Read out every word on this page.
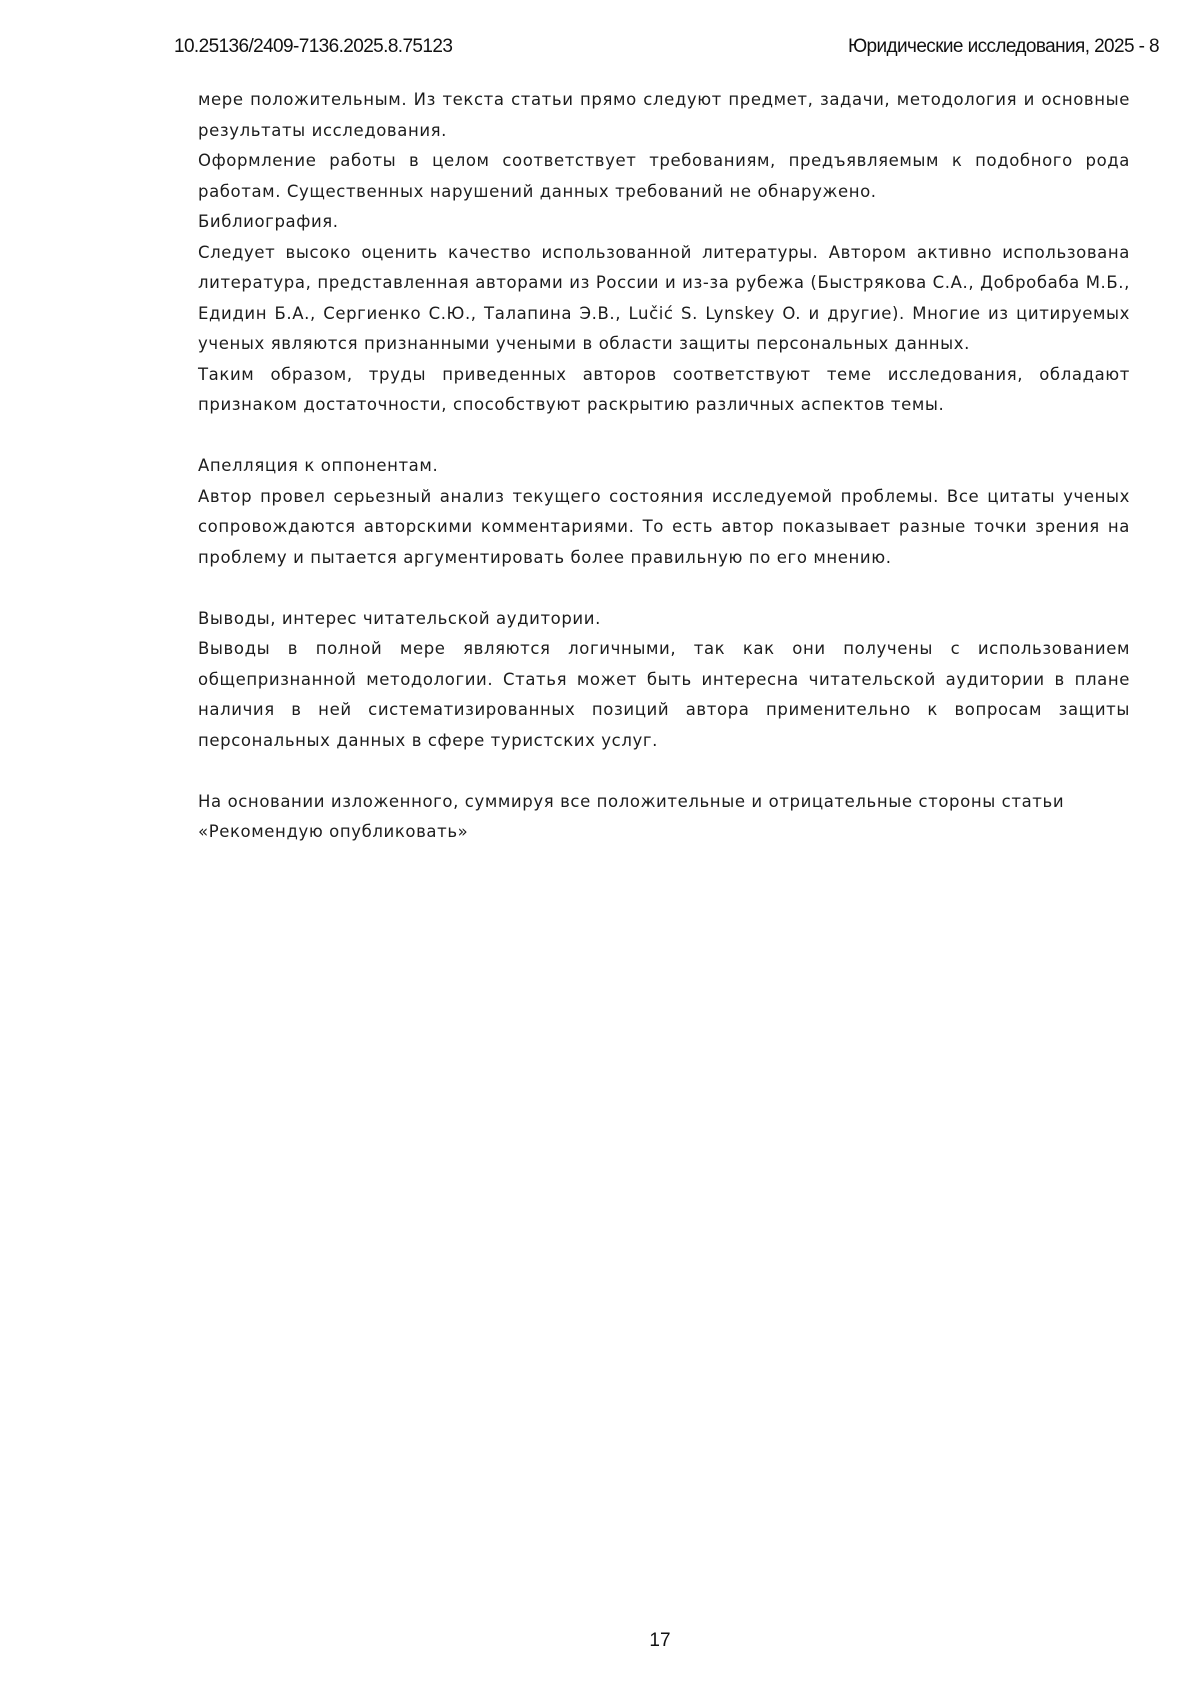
10.25136/2409-7136.2025.8.75123	Юридические исследования, 2025 - 8

мере положительным. Из текста статьи прямо следуют предмет, задачи, методология и основные результаты исследования.

Оформление работы в целом соответствует требованиям, предъявляемым к подобного рода работам. Существенных нарушений данных требований не обнаружено.

Библиография.

Следует высоко оценить качество использованной литературы. Автором активно использована литература, представленная авторами из России и из-за рубежа (Быстрякова С.А., Добробаба М.Б., Едидин Б.А., Сергиенко С.Ю., Талапина Э.В., Lučić S. Lynskey O. и другие). Многие из цитируемых ученых являются признанными учеными в области защиты персональных данных.

Таким образом, труды приведенных авторов соответствуют теме исследования, обладают признаком достаточности, способствуют раскрытию различных аспектов темы.

Апелляция к оппонентам.

Автор провел серьезный анализ текущего состояния исследуемой проблемы. Все цитаты ученых сопровождаются авторскими комментариями. То есть автор показывает разные точки зрения на проблему и пытается аргументировать более правильную по его мнению.

Выводы, интерес читательской аудитории.

Выводы в полной мере являются логичными, так как они получены с использованием общепризнанной методологии. Статья может быть интересна читательской аудитории в плане наличия в ней систематизированных позиций автора применительно к вопросам защиты персональных данных в сфере туристских услуг.

На основании изложенного, суммируя все положительные и отрицательные стороны статьи

«Рекомендую опубликовать»

17
